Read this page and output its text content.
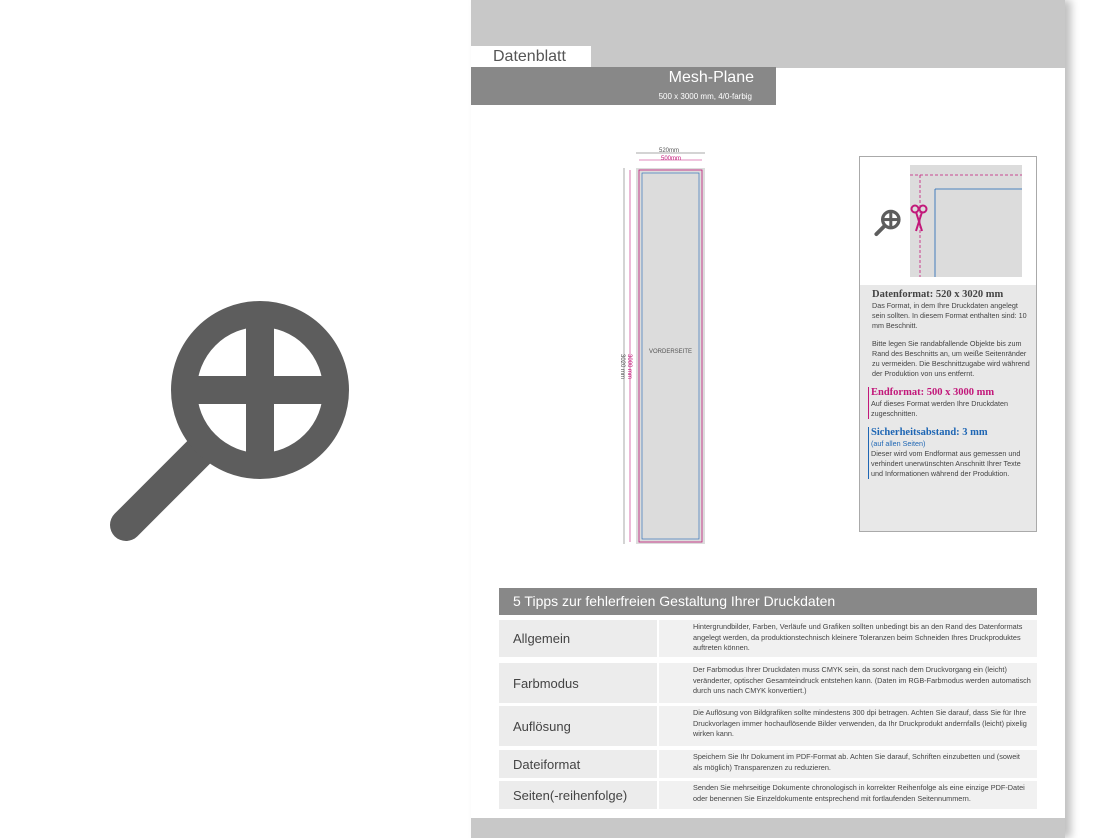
Datenblatt
Mesh-Plane
500 x 3000 mm, 4/0-farbig
520mm
500mm
3020 mm 3000 mm
VORDERSEITE
Datenformat: 520 x 3020 mm
Das Format, in dem Ihre Druckdaten angelegt sein sollten. In diesem Format enthalten sind: 10 mm Beschnitt.
Bitte legen Sie randabfallende Objekte bis zum Rand des Beschnitts an, um weiße Seitenränder zu vermeiden. Die Beschnittzugabe wird während der Produktion von uns entfernt.
Endformat: 500 x 3000 mm
Auf dieses Format werden Ihre Druckdaten zugeschnitten.
Sicherheitsabstand: 3 mm
(auf allen Seiten)
Dieser wird vom Endformat aus gemessen und verhindert unerwünschten Anschnitt Ihrer Texte und Informationen während der Produktion.
5 Tipps zur fehlerfreien Gestaltung Ihrer Druckdaten
Allgemein
Hintergrundbilder, Farben, Verläufe und Grafiken sollten unbedingt bis an den Rand des Datenformats angelegt werden, da produktionstechnisch kleinere Toleranzen beim Schneiden Ihres Druckproduktes auftreten können.
Farbmodus
Der Farbmodus Ihrer Druckdaten muss CMYK sein, da sonst nach dem Druckvorgang ein (leicht) veränderter, optischer Gesamteindruck entstehen kann. (Daten im RGB-Farbmodus werden automatisch durch uns nach CMYK konvertiert.)
Auflösung
Die Auflösung von Bildgrafiken sollte mindestens 300 dpi betragen. Achten Sie darauf, dass Sie für Ihre Druckvorlagen immer hochauflösende Bilder verwenden, da Ihr Druckprodukt andernfalls (leicht) pixelig wirken kann.
Dateiformat	Speichern Sie Ihr Dokument im PDF-Format ab. Achten Sie darauf, Schriften einzubetten und (soweit als möglich) Transparenzen zu reduzieren.
Seiten(-reihenfolge)	Senden Sie mehrseitige Dokumente chronologisch in korrekter Reihenfolge als eine einzige PDF-Datei oder benennen Sie Einzeldokumente entsprechend mit fortlaufenden Seitennummern.
